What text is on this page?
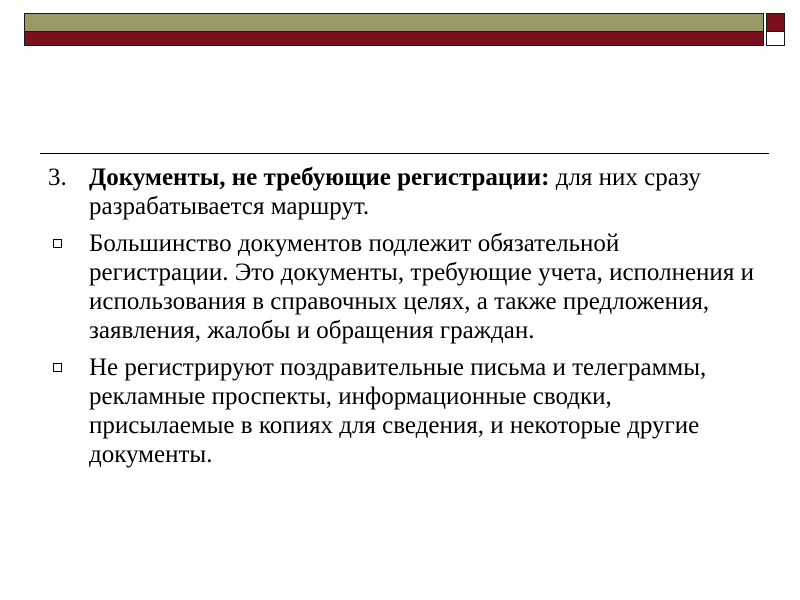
3. Документы, не требующие регистрации: для них сразу разрабатывается маршрут.
Большинство документов подлежит обязательной регистрации. Это документы, требующие учета, исполнения и использования в справочных целях, а также предложения, заявления, жалобы и обращения граждан.
Не регистрируют поздравительные письма и телеграммы, рекламные проспекты, информационные сводки, присылаемые в копиях для сведения, и некоторые другие документы.
